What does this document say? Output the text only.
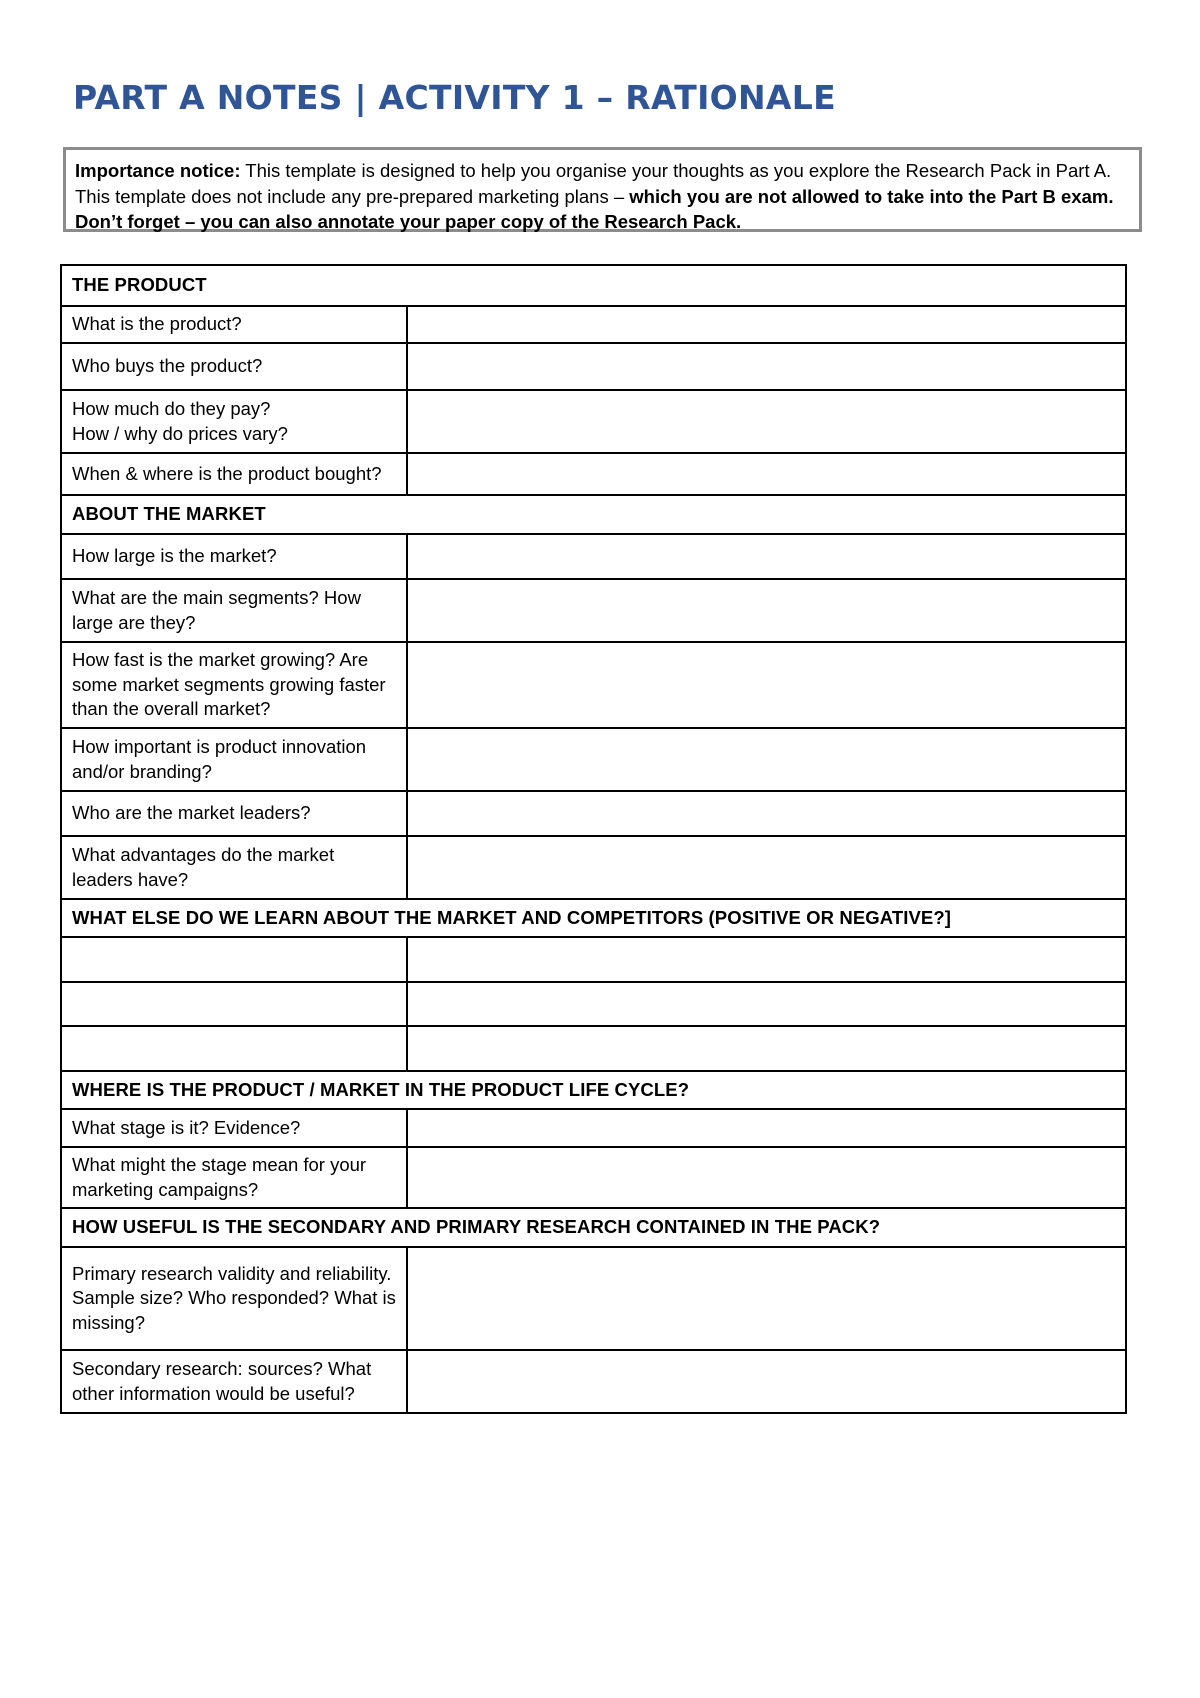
PART A NOTES | ACTIVITY 1 – RATIONALE
Importance notice: This template is designed to help you organise your thoughts as you explore the Research Pack in Part A. This template does not include any pre-prepared marketing plans – which you are not allowed to take into the Part B exam. Don’t forget – you can also annotate your paper copy of the Research Pack.
THE PRODUCT	
What is the product?	
Who buys the product?	
How much do they pay?
How / why do prices vary?	
When & where is the product bought?	
ABOUT THE MARKET	
How large is the market?	
What are the main segments? How large are they?	
How fast is the market growing? Are some market segments growing faster than the overall market?	
How important is product innovation and/or branding?	
Who are the market leaders?	
What advantages do the market leaders have?	
WHAT ELSE DO WE LEARN ABOUT THE MARKET AND COMPETITORS (POSITIVE OR NEGATIVE?]	

WHERE IS THE PRODUCT / MARKET IN THE PRODUCT LIFE CYCLE?	
What stage is it? Evidence?	
What might the stage mean for your marketing campaigns?	
HOW USEFUL IS THE SECONDARY AND PRIMARY RESEARCH CONTAINED IN THE PACK?	
Primary research validity and reliability. Sample size? Who responded? What is missing?	
Secondary research: sources? What other information would be useful?	
